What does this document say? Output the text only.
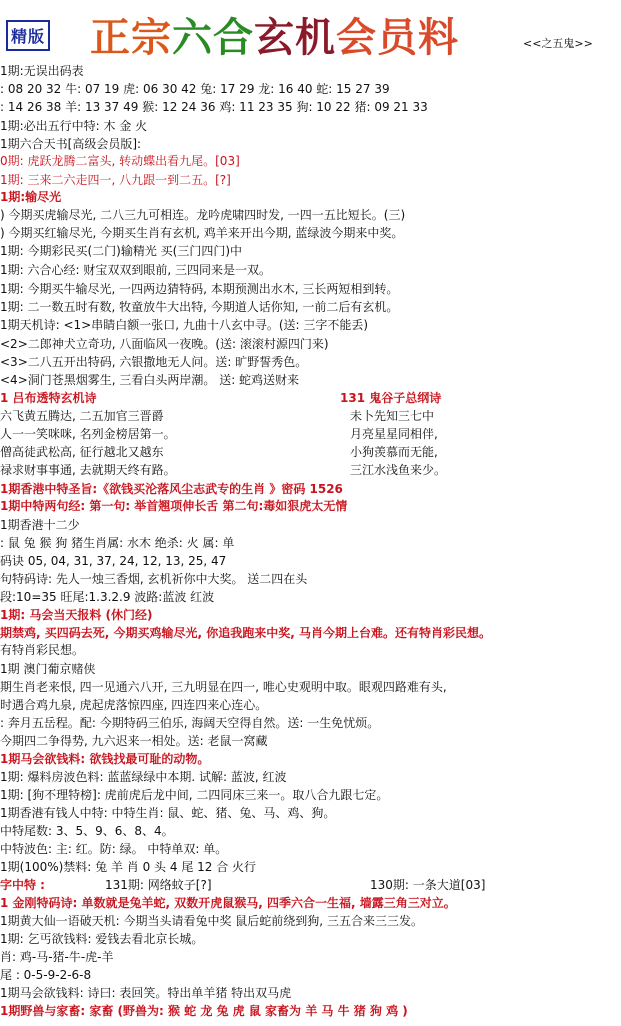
精版 正宗六合玄机会员料	<<之五鬼>>
1期:无误出码表
: 08 20 32 牛: 07 19 虎: 06 30 42 兔: 17 29 龙: 16 40 蛇: 15 27 39
: 14 26 38 羊: 13 37 49 猴: 12 24 36 鸡: 11 23 35 狗: 10 22 猪: 09 21 33
1期:必出五行中特: 木 金 火
1期六合天书[高级会员版]:
0期: 虎跃龙腾二富头, 转动蝶出看九尾。[03]
1期: 三来二六走四一, 八九跟一到二五。[?]
1期:输尽光
) 今期买虎输尽光, 二八三九可相连。龙吟虎啸四时发, 一四一五比短长。(三)
) 今期买红输尽光, 今期买生肖有玄机, 鸡羊来开出今期, 蓝绿波今期来中奖。
1期: 今期彩民买(二门)输精光 买(三门四门)中
1期: 六合心经: 财宝双双到眼前, 三四同来是一双。
1期: 今期买牛输尽光, 一四两边猜特码, 本期预测出水木, 三长两短相到转。
1期: 二一数五时有数, 牧童放牛大出特, 今期道人话你知, 一前二后有玄机。
1期天机诗: <1>串睛白额一张口, 九曲十八玄中寻。(送: 三字不能丢)
<2>二郎神犬立奇功, 八面临风一夜晚。(送: 滚滚村源四门来)
<3>二八五开出特码, 六银撒地无人问。送: 旷野誓秀色。
<4>洞门苍黑烟雾生, 三看白头两岸潮。 送: 蛇鸡送财来
1 吕布透特玄机诗	131 鬼谷子总纲诗
六飞黄五腾达, 二五加官三晋爵	未卜先知三七中
人一一笑咪咪, 名列金榜居第一。	月亮星星同相伴,
僧高徒武松高, 征行越北又越东	小狗羡慕而无能,
禄求财事事通, 去就期天终有路。	三江水浅鱼来少。
1期香港中特圣旨:《欲钱买沦落风尘志武专的生肖 》密码 1526
1期中特两句经: 第一句: 举首翘项伸长舌 第二句:毒如狠虎太无情
1期香港十二少
: 鼠 兔 猴 狗 猪生肖属: 水木 绝杀: 火 属: 单
码诀 05, 04, 31, 37, 24, 12, 13, 25, 47
句特码诗: 先人一烛三香烟, 玄机祈你中大奖。 送二四在头
段:10=35 旺尾:1.3.2.9 波路:蓝波 红波
1期: 马会当天报料 (休门经)
期禁鸡, 买四码去死, 今期买鸡输尽光, 你追我跑来中奖, 马肖今期上台难。还有特肖彩民想。
有特肖彩民想。
1期 澳门葡京赌侠
期生肖老来恨, 四一见通六八开, 三九明显在四一, 唯心史观明中取。眼观四路难有头,
时遇合鸡九泉, 虎起虎落惊四座, 四连四来心连心。
: 奔月五岳程。配: 今期特码三伯乐, 海阔天空得自然。送: 一生免忧烦。
今期四二争得势, 九六迟来一相处。送: 老鼠一窝藏
1期马会欲钱料: 欲钱找最可耻的动物。
1期: 爆料房波色料: 蓝蓝绿绿中本期. 试解: 蓝波, 红波
1期: [狗不理特榜]: 虎前虎后龙中间, 二四同床三来一。取八合九跟七定。
1期香港有钱人中特: 中特生肖: 鼠、蛇、猪、兔、马、鸡、狗。
中特尾数: 3、5、9、6、8、4。
中特波色: 主: 红。防: 绿。 中特单双: 单。
1期(100%)禁料: 兔 羊 肖 0 头 4 尾 12 合 火行
字中特 :	131期: 网络蚊子[?]	130期: 一条大道[03]
1 金刚特码诗: 单数就是兔羊蛇, 双数开虎鼠猴马, 四季六合一生福, 墙露三角三对立。
1期黄大仙一语破天机: 今期当头请看兔中奖 鼠后蛇前绕到狗, 三五合来三三发。
1期: 乞丐欲钱料: 爱钱去看北京长城。
肖: 鸡-马-猪-牛-虎-羊
尾 : 0-5-9-2-6-8
1期马会欲钱料: 诗曰: 表回笑。特出单羊猪 特出双马虎
1期野兽与家畜: 家畜 (野兽为: 猴 蛇 龙 兔 虎 鼠 家畜为 羊 马 牛 猪 狗 鸡 )
